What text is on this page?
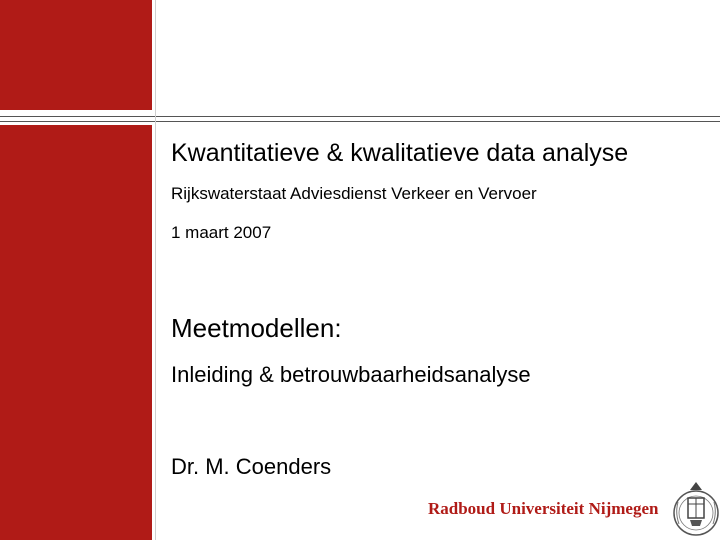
Kwantitatieve & kwalitatieve data analyse
Rijkswaterstaat Adviesdienst Verkeer en Vervoer
1 maart 2007
Meetmodellen:
Inleiding & betrouwbaarheidsanalyse
Dr. M. Coenders
Radboud Universiteit Nijmegen
